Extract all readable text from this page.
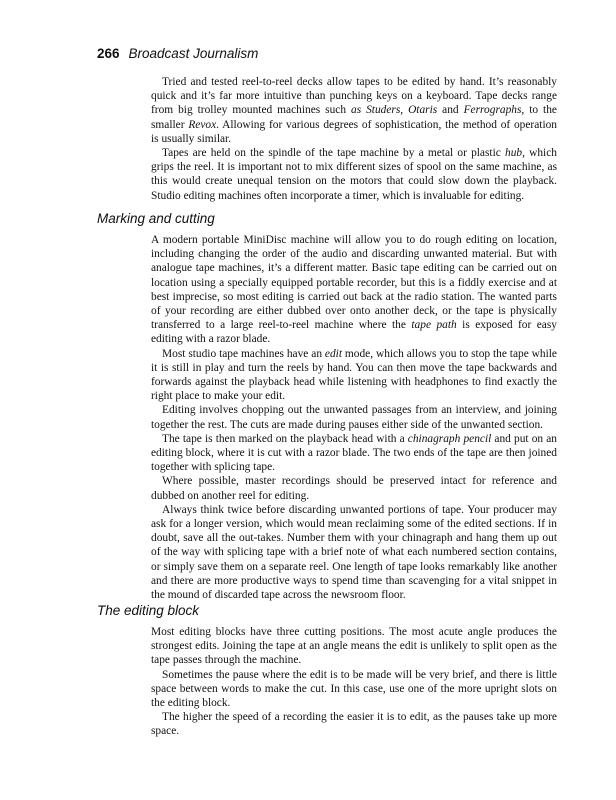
266 Broadcast Journalism

Tried and tested reel-to-reel decks allow tapes to be edited by hand. It’s reasonably quick and it’s far more intuitive than punching keys on a keyboard. Tape decks range from big trolley mounted machines such as Studers, Otaris and Ferrographs, to the smaller Revox. Allowing for various degrees of sophistication, the method of operation is usually similar.

Tapes are held on the spindle of the tape machine by a metal or plastic hub, which grips the reel. It is important not to mix different sizes of spool on the same machine, as this would create unequal tension on the motors that could slow down the playback. Studio editing machines often incorporate a timer, which is invaluable for editing.

Marking and cutting

A modern portable MiniDisc machine will allow you to do rough editing on location, including changing the order of the audio and discarding unwanted material. But with analogue tape machines, it’s a different matter. Basic tape editing can be carried out on location using a specially equipped portable recorder, but this is a fiddly exercise and at best imprecise, so most editing is carried out back at the radio station. The wanted parts of your recording are either dubbed over onto another deck, or the tape is physically transferred to a large reel-to-reel machine where the tape path is exposed for easy editing with a razor blade.

Most studio tape machines have an edit mode, which allows you to stop the tape while it is still in play and turn the reels by hand. You can then move the tape backwards and forwards against the playback head while listening with headphones to find exactly the right place to make your edit.

Editing involves chopping out the unwanted passages from an interview, and joining together the rest. The cuts are made during pauses either side of the unwanted section.

The tape is then marked on the playback head with a chinagraph pencil and put on an editing block, where it is cut with a razor blade. The two ends of the tape are then joined together with splicing tape.

Where possible, master recordings should be preserved intact for reference and dubbed on another reel for editing.

Always think twice before discarding unwanted portions of tape. Your producer may ask for a longer version, which would mean reclaiming some of the edited sections. If in doubt, save all the out-takes. Number them with your chinagraph and hang them up out of the way with splicing tape with a brief note of what each numbered section contains, or simply save them on a separate reel. One length of tape looks remarkably like another and there are more productive ways to spend time than scavenging for a vital snippet in the mound of discarded tape across the newsroom floor.

The editing block

Most editing blocks have three cutting positions. The most acute angle produces the strongest edits. Joining the tape at an angle means the edit is unlikely to split open as the tape passes through the machine.

Sometimes the pause where the edit is to be made will be very brief, and there is little space between words to make the cut. In this case, use one of the more upright slots on the editing block.

The higher the speed of a recording the easier it is to edit, as the pauses take up more space.
